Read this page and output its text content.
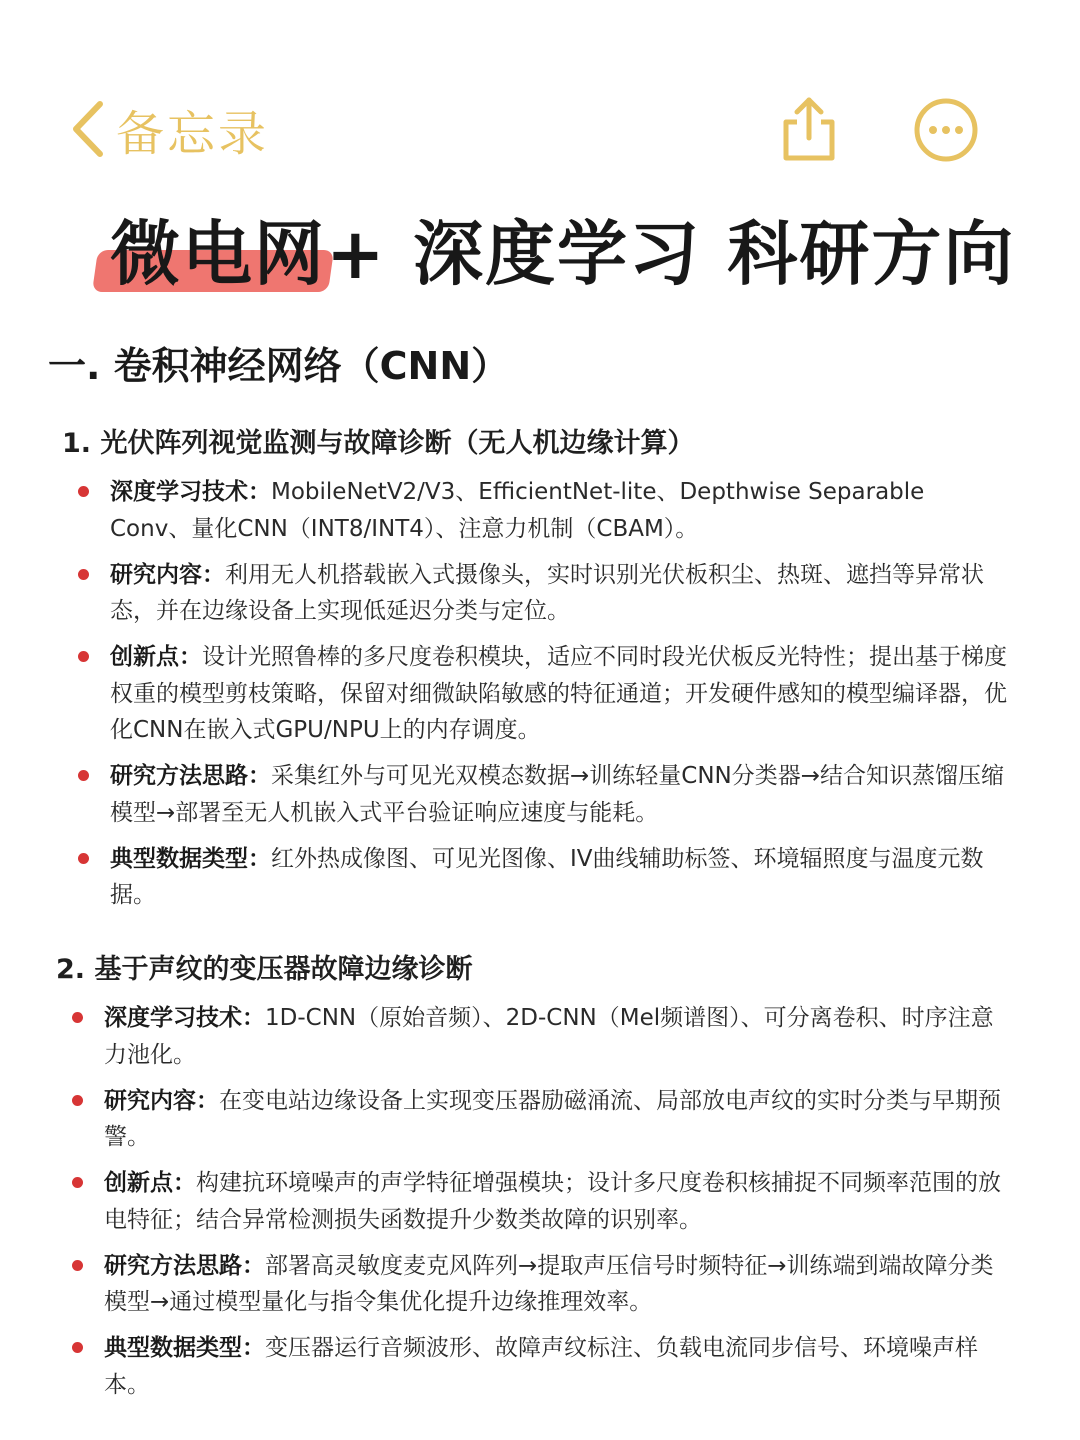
备忘录
微电网+ 深度学习 科研方向
一. 卷积神经网络（CNN）
1. 光伏阵列视觉监测与故障诊断（无人机边缘计算）
深度学习技术：MobileNetV2/V3、EfficientNet-lite、Depthwise Separable Conv、量化CNN（INT8/INT4）、注意力机制（CBAM）。
研究内容：利用无人机搭载嵌入式摄像头，实时识别光伏板积尘、热斑、遮挡等异常状态，并在边缘设备上实现低延迟分类与定位。
创新点：设计光照鲁棒的多尺度卷积模块，适应不同时段光伏板反光特性；提出基于梯度权重的模型剪枝策略，保留对细微缺陷敏感的特征通道；开发硬件感知的模型编译器，优化CNN在嵌入式GPU/NPU上的内存调度。
研究方法思路：采集红外与可见光双模态数据→训练轻量CNN分类器→结合知识蒸馏压缩模型→部署至无人机嵌入式平台验证响应速度与能耗。
典型数据类型：红外热成像图、可见光图像、IV曲线辅助标签、环境辐照度与温度元数据。
2. 基于声纹的变压器故障边缘诊断
深度学习技术：1D-CNN（原始音频）、2D-CNN（Mel频谱图）、可分离卷积、时序注意力池化。
研究内容：在变电站边缘设备上实现变压器励磁涌流、局部放电声纹的实时分类与早期预警。
创新点：构建抗环境噪声的声学特征增强模块；设计多尺度卷积核捕捉不同频率范围的放电特征；结合异常检测损失函数提升少数类故障的识别率。
研究方法思路：部署高灵敏度麦克风阵列→提取声压信号时频特征→训练端到端故障分类模型→通过模型量化与指令集优化提升边缘推理效率。
典型数据类型：变压器运行音频波形、故障声纹标注、负载电流同步信号、环境噪声样本。
